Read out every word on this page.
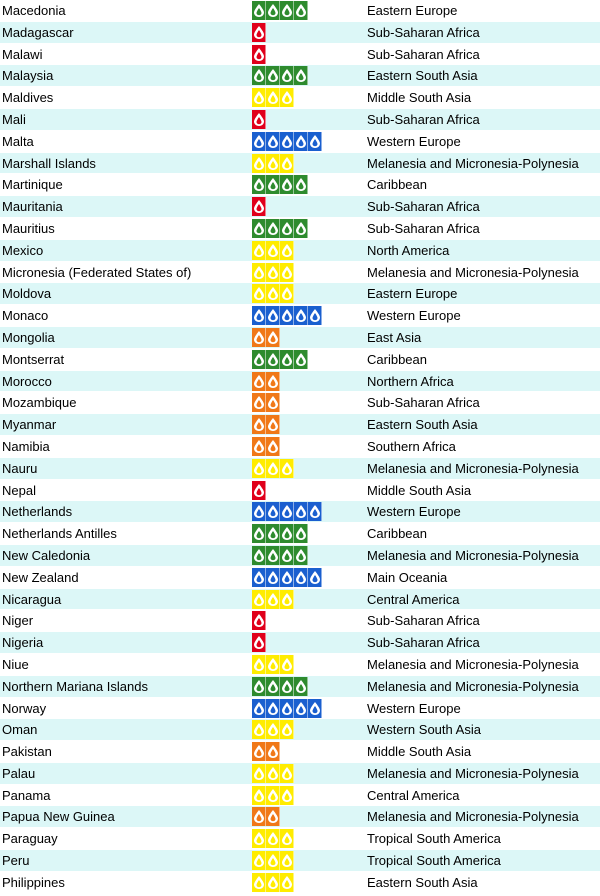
Macedonia	Eastern Europe
Madagascar	Sub-Saharan Africa
Malawi	Sub-Saharan Africa
Malaysia	Eastern South Asia
Maldives	Middle South Asia
Mali	Sub-Saharan Africa
Malta	Western Europe
Marshall Islands	Melanesia and Micronesia-Polynesia
Martinique	Caribbean
Mauritania	Sub-Saharan Africa
Mauritius	Sub-Saharan Africa
Mexico	North America
Micronesia (Federated States of)	Melanesia and Micronesia-Polynesia
Moldova	Eastern Europe
Monaco	Western Europe
Mongolia	East Asia
Montserrat	Caribbean
Morocco	Northern Africa
Mozambique	Sub-Saharan Africa
Myanmar	Eastern South Asia
Namibia	Southern Africa
Nauru	Melanesia and Micronesia-Polynesia
Nepal	Middle South Asia
Netherlands	Western Europe
Netherlands Antilles	Caribbean
New Caledonia	Melanesia and Micronesia-Polynesia
New Zealand	Main Oceania
Nicaragua	Central America
Niger	Sub-Saharan Africa
Nigeria	Sub-Saharan Africa
Niue	Melanesia and Micronesia-Polynesia
Northern Mariana Islands	Melanesia and Micronesia-Polynesia
Norway	Western Europe
Oman	Western South Asia
Pakistan	Middle South Asia
Palau	Melanesia and Micronesia-Polynesia
Panama	Central America
Papua New Guinea	Melanesia and Micronesia-Polynesia
Paraguay	Tropical South America
Peru	Tropical South America
Philippines	Eastern South Asia
